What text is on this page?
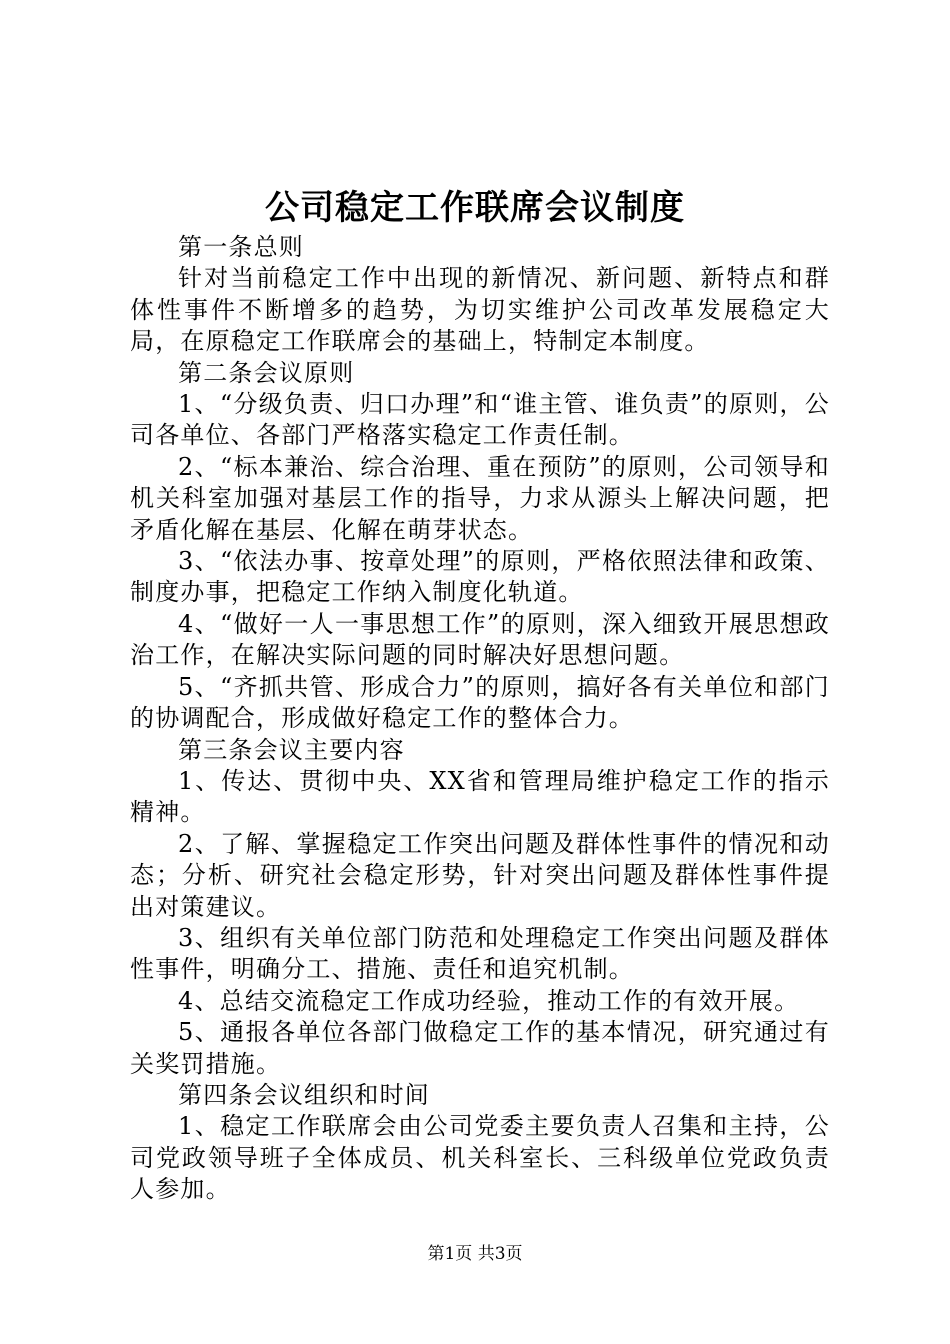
公司稳定工作联席会议制度

第一条总则

针对当前稳定工作中出现的新情况、新问题、新特点和群体性事件不断增多的趋势，为切实维护公司改革发展稳定大局，在原稳定工作联席会的基础上，特制定本制度。

第二条会议原则

1、“分级负责、归口办理”和“谁主管、谁负责”的原则，公司各单位、各部门严格落实稳定工作责任制。

2、“标本兼治、综合治理、重在预防”的原则，公司领导和机关科室加强对基层工作的指导，力求从源头上解决问题，把矛盾化解在基层、化解在萌芽状态。

3、“依法办事、按章处理”的原则，严格依照法律和政策、制度办事，把稳定工作纳入制度化轨道。

4、“做好一人一事思想工作”的原则，深入细致开展思想政治工作，在解决实际问题的同时解决好思想问题。

5、“齐抓共管、形成合力”的原则，搞好各有关单位和部门的协调配合，形成做好稳定工作的整体合力。

第三条会议主要内容

1、传达、贯彻中央、XX省和管理局维护稳定工作的指示精神。

2、了解、掌握稳定工作突出问题及群体性事件的情况和动态；分析、研究社会稳定形势，针对突出问题及群体性事件提出对策建议。

3、组织有关单位部门防范和处理稳定工作突出问题及群体性事件，明确分工、措施、责任和追究机制。

4、总结交流稳定工作成功经验，推动工作的有效开展。

5、通报各单位各部门做稳定工作的基本情况，研究通过有关奖罚措施。

第四条会议组织和时间

1、稳定工作联席会由公司党委主要负责人召集和主持，公司党政领导班子全体成员、机关科室长、三科级单位党政负责人参加。

第1页 共3页
